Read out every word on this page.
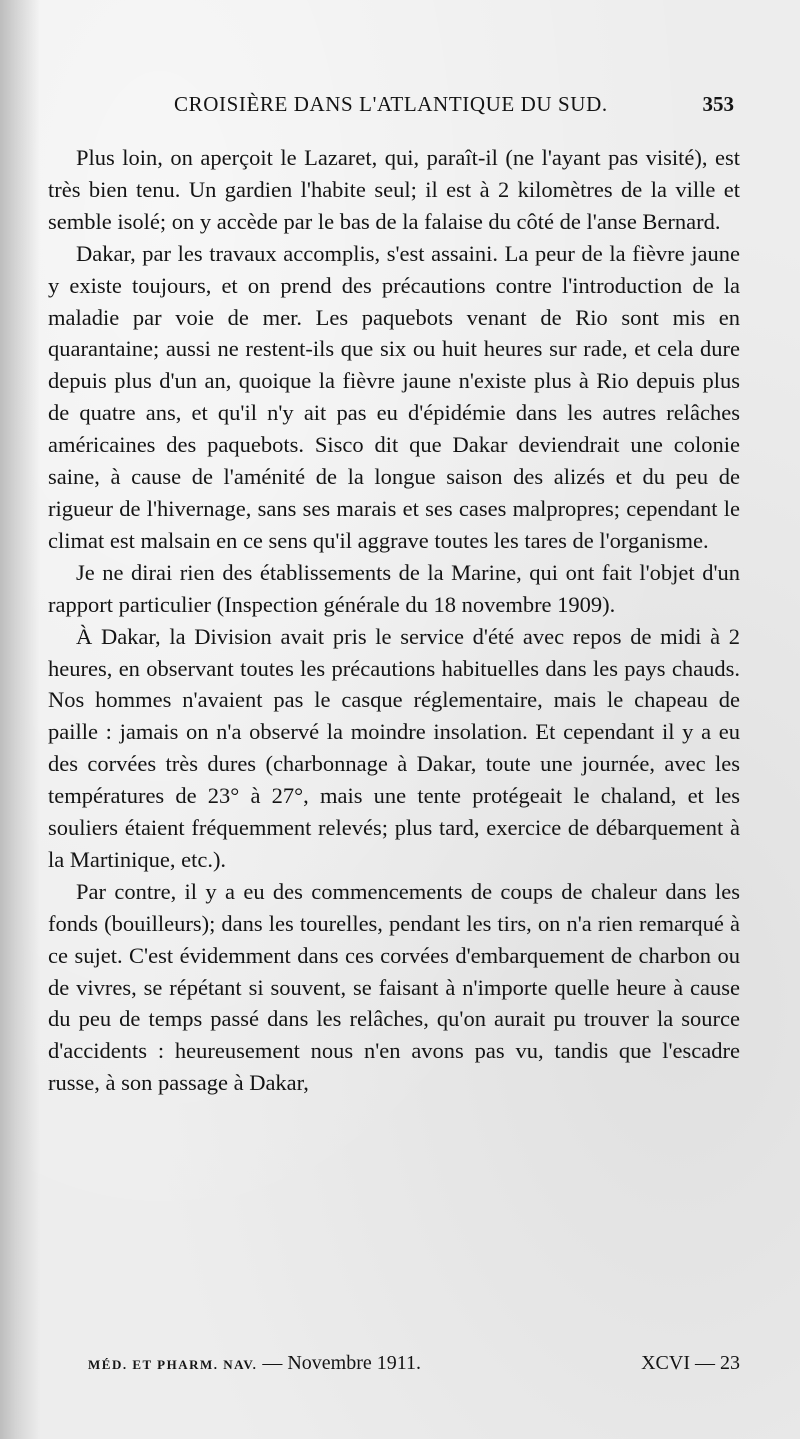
CROISIÈRE DANS L'ATLANTIQUE DU SUD.	353

Plus loin, on aperçoit le Lazaret, qui, paraît-il (ne l'ayant pas visité), est très bien tenu. Un gardien l'habite seul; il est à 2 kilomètres de la ville et semble isolé; on y accède par le bas de la falaise du côté de l'anse Bernard.

Dakar, par les travaux accomplis, s'est assaini. La peur de la fièvre jaune y existe toujours, et on prend des précautions contre l'introduction de la maladie par voie de mer. Les paquebots venant de Rio sont mis en quarantaine; aussi ne restent-ils que six ou huit heures sur rade, et cela dure depuis plus d'un an, quoique la fièvre jaune n'existe plus à Rio depuis plus de quatre ans, et qu'il n'y ait pas eu d'épidémie dans les autres relâches américaines des paquebots. Sisco dit que Dakar deviendrait une colonie saine, à cause de l'aménité de la longue saison des alizés et du peu de rigueur de l'hivernage, sans ses marais et ses cases malpropres; cependant le climat est malsain en ce sens qu'il aggrave toutes les tares de l'organisme.

Je ne dirai rien des établissements de la Marine, qui ont fait l'objet d'un rapport particulier (Inspection générale du 18 novembre 1909).

À Dakar, la Division avait pris le service d'été avec repos de midi à 2 heures, en observant toutes les précautions habituelles dans les pays chauds. Nos hommes n'avaient pas le casque réglementaire, mais le chapeau de paille : jamais on n'a observé la moindre insolation. Et cependant il y a eu des corvées très dures (charbonnage à Dakar, toute une journée, avec les températures de 23° à 27°, mais une tente protégeait le chaland, et les souliers étaient fréquemment relevés; plus tard, exercice de débarquement à la Martinique, etc.).

Par contre, il y a eu des commencements de coups de chaleur dans les fonds (bouilleurs); dans les tourelles, pendant les tirs, on n'a rien remarqué à ce sujet. C'est évidemment dans ces corvées d'embarquement de charbon ou de vivres, se répétant si souvent, se faisant à n'importe quelle heure à cause du peu de temps passé dans les relâches, qu'on aurait pu trouver la source d'accidents : heureusement nous n'en avons pas vu, tandis que l'escadre russe, à son passage à Dakar,

MÉD. ET PHARM. NAV. — Novembre 1911.	XCVI — 23
